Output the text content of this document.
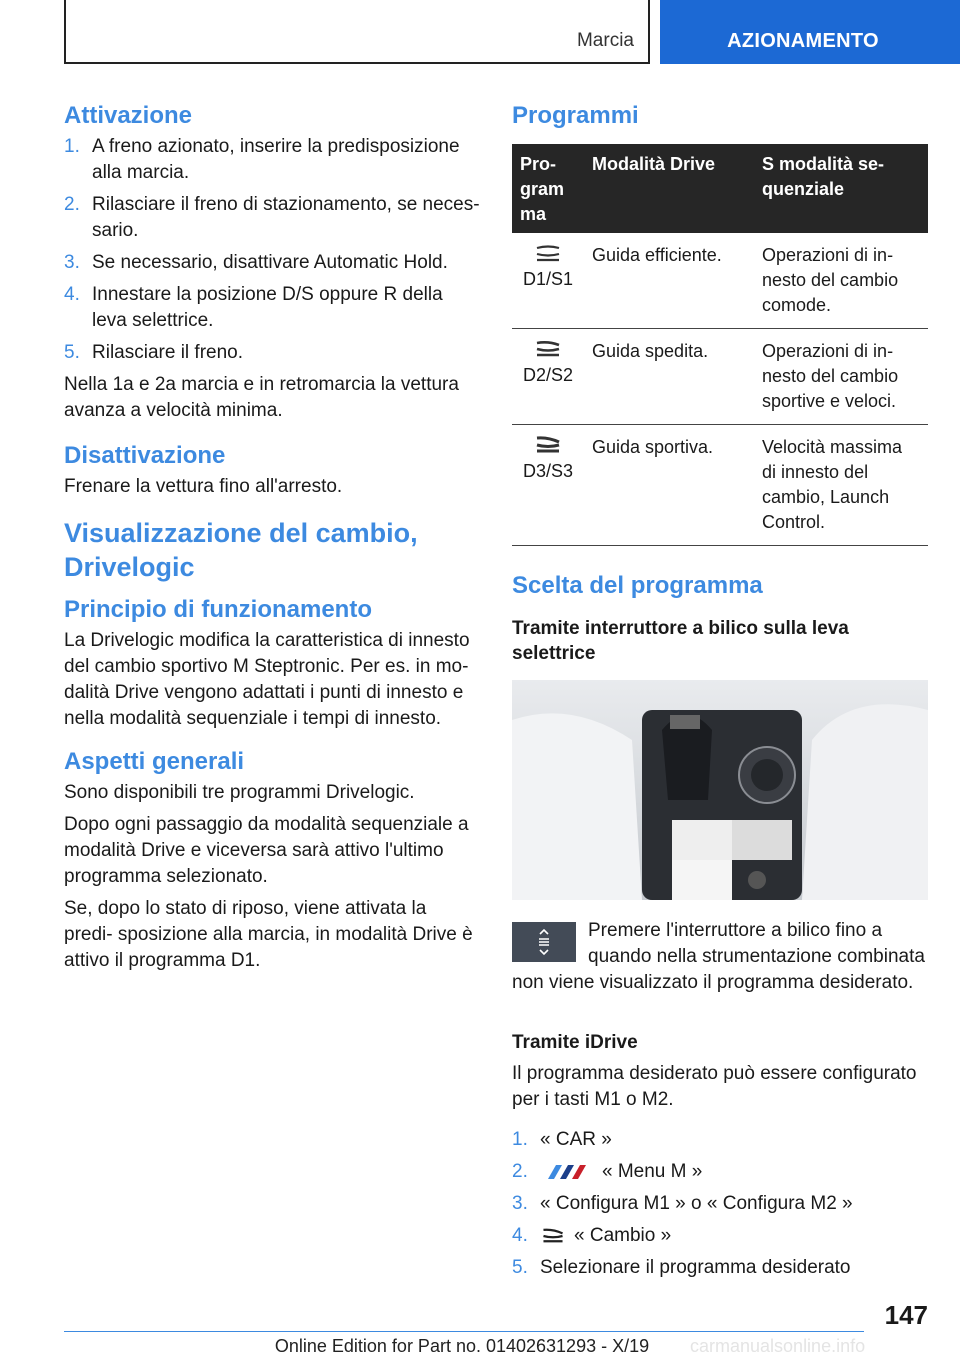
Marcia	AZIONAMENTO
Attivazione
1. A freno azionato, inserire la predisposizione alla marcia.
2. Rilasciare il freno di stazionamento, se neces‐ sario.
3. Se necessario, disattivare Automatic Hold.
4. Innestare la posizione D/S oppure R della leva selettrice.
5. Rilasciare il freno.

Nella 1a e 2a marcia e in retromarcia la vettura avanza a velocità minima.

Disattivazione

Frenare la vettura fino all'arresto.

Visualizzazione del cambio, Drivelogic
Principio di funzionamento

La Drivelogic modifica la caratteristica di innesto del cambio sportivo M Steptronic. Per es. in mo‐ dalità Drive vengono adattati i punti di innesto e nella modalità sequenziale i tempi di innesto.

Aspetti generali

Sono disponibili tre programmi Drivelogic.

Dopo ogni passaggio da modalità sequenziale a modalità Drive e viceversa sarà attivo l'ultimo programma selezionato.

Se, dopo lo stato di riposo, viene attivata la predi‐ sposizione alla marcia, in modalità Drive è attivo il programma D1.

Programmi
Pro‐ gram ma	Modalità Drive	S modalità se‐ quenziale

D1/S1	Guida efficiente.	Operazioni di in‐ nesto del cambio comode.

D2/S2	Guida spedita.	Operazioni di in‐ nesto del cambio sportive e veloci.

D3/S3	Guida sportiva.	Velocità massima di innesto del cambio, Launch Control.
Scelta del programma
Tramite interruttore a bilico sulla leva selettrice

Premere l'interruttore a bilico fino a quando nella strumentazione combinata non viene visualizzato il programma desiderato.

Tramite iDrive

Il programma desiderato può essere configurato per i tasti M1 o M2.

1. « CAR »
2.	« Menu M »
3. « Configura M1 » o « Configura M2 »
4. « Cambio »
5. Selezionare il programma desiderato
147
carmanualsonline.info
Online Edition for Part no. 01402631293 - X/19
